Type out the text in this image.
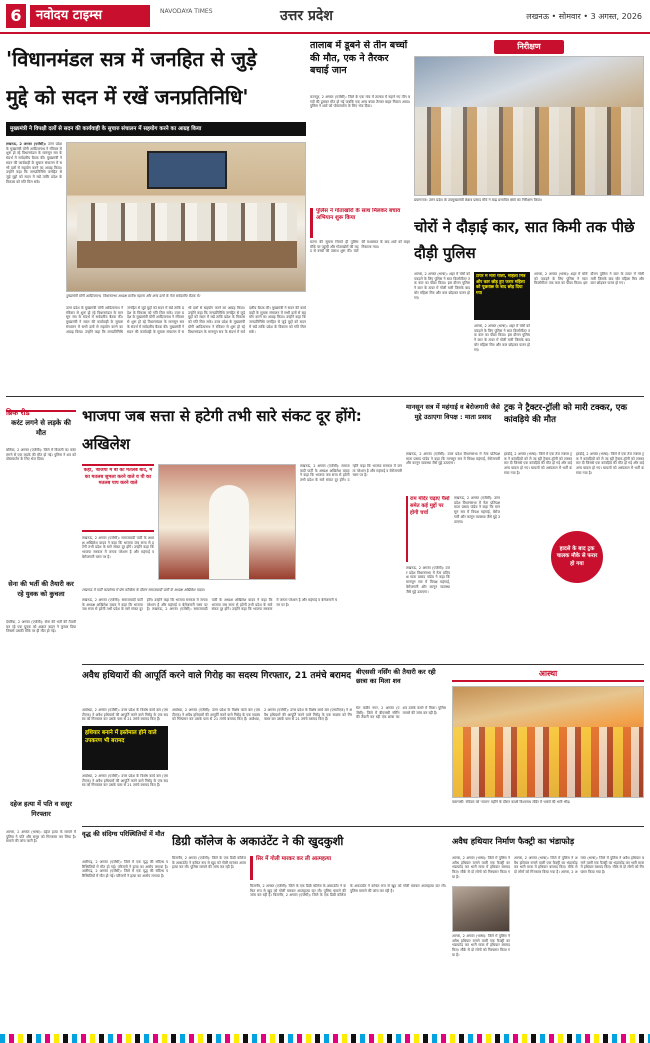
6	नवोदय टाइम्स	NAVODAYA TIMES	उत्तर प्रदेश	लखनऊ • सोमवार • 3 अगस्त, 2026
'विधानमंडल सत्र में जनहित से जुड़े
मुद्दे को सदन में रखें जनप्रतिनिधि'
मुख्यमंत्री ने विपक्षी दलों से सदन की कार्यवाही के सुचारु संचालन में सहयोग करने का आग्रह किया
लखनऊ, 2 अगस्त (एजेंसी): उत्तर प्रदेश के मुख्यमंत्री योगी आदित्यनाथ ने रविवार से शुरू हो रहे विधानमंडल के मानसून सत्र के संदर्भ में सर्वदलीय बैठक की। मुख्यमंत्री ने सदन की कार्यवाही के सुचारु संचालन में सभी दलों से सहयोग करने का आग्रह किया। उन्होंने कहा कि जनप्रतिनिधि जनहित से जुड़े मुद्दों को सदन में रखें ताकि प्रदेश के विकास को गति मिल सके।
मुख्यमंत्री योगी आदित्यनाथ, विधानसभा अध्यक्ष सतीश महाना और अन्य दलों के नेता सर्वदलीय बैठक में।
उत्तर प्रदेश के मुख्यमंत्री योगी आदित्यनाथ ने रविवार से शुरू हो रहे विधानमंडल के मानसून सत्र के संदर्भ में सर्वदलीय बैठक की। मुख्यमंत्री ने सदन की कार्यवाही के सुचारु संचालन में सभी दलों से सहयोग करने का आग्रह किया। उन्होंने कहा कि जनप्रतिनिधि जनहित से जुड़े मुद्दों को सदन में रखें ताकि प्रदेश के विकास को गति मिल सके। उत्तर प्रदेश के मुख्यमंत्री योगी आदित्यनाथ ने रविवार से शुरू हो रहे विधानमंडल के मानसून सत्र के संदर्भ में सर्वदलीय बैठक की। मुख्यमंत्री ने सदन की कार्यवाही के सुचारु संचालन में सभी दलों से सहयोग करने का आग्रह किया। उन्होंने कहा कि जनप्रतिनिधि जनहित से जुड़े मुद्दों को सदन में रखें ताकि प्रदेश के विकास को गति मिल सके। उत्तर प्रदेश के मुख्यमंत्री योगी आदित्यनाथ ने रविवार से शुरू हो रहे विधानमंडल के मानसून सत्र के संदर्भ में सर्वदलीय बैठक की। मुख्यमंत्री ने सदन की कार्यवाही के सुचारु संचालन में सभी दलों से सहयोग करने का आग्रह किया। उन्होंने कहा कि जनप्रतिनिधि जनहित से जुड़े मुद्दों को सदन में रखें ताकि प्रदेश के विकास को गति मिल सके।
तालाब में डूबने से तीन बच्चों की मौत, एक ने तैरकर बचाई जान
कानपुर, 2 अगस्त (एजेंसी): जिले के एक गांव में तालाब में नहाने गए तीन बच्चों की डूबकर मौत हो गई जबकि एक अन्य बच्चा तैरकर बाहर निकल आया। पुलिस ने शवों को पोस्टमार्टम के लिए भेज दिया।
पुलिस ने गोताखोरों के साथ मिलकर बचाव अभियान शुरू किया
घटना की सूचना मिलते ही पुलिस मौके पर पहुंची और गोताखोरों की मदद से बच्चों की तलाश शुरू की। घंटों की मशक्कत के बाद शवों को बाहर निकाला गया।
निरीक्षण
प्रयागराज: उत्तर प्रदेश के उपमुख्यमंत्री केशव प्रसाद मौर्य ने बाढ़ प्रभावित क्षेत्रों का निरीक्षण किया।
चोरों ने दौड़ाई कार, सात किमी तक पीछे दौड़ी पुलिस
आगरा, 2 अगस्त (भाषा): शहर में चोरों को पकड़ने के लिए पुलिस ने सात किलोमीटर तक कार का पीछा किया। इस दौरान पुलिस ने कार के टायर में गोली मारी जिसके बाद चोर महिला मित्र और कार छोड़कर फरार हो गए।
टायर में मारी गोली, महिला मित्र और कार छोड़ हुए फरार महिला को पूछताछ के बाद छोड़ दिया गया
आगरा, 2 अगस्त (भाषा): शहर में चोरों को पकड़ने के लिए पुलिस ने सात किलोमीटर तक कार का पीछा किया। इस दौरान पुलिस ने कार के टायर में गोली मारी जिसके बाद चोर महिला मित्र और कार छोड़कर फरार हो गए।
आगरा, 2 अगस्त (भाषा): शहर में चोरों को पकड़ने के लिए पुलिस ने सात किलोमीटर तक कार का पीछा किया। इस दौरान पुलिस ने कार के टायर में गोली मारी जिसके बाद चोर महिला मित्र और कार छोड़कर फरार हो गए।
ब्रिक रीड
करंट लगने से लड़के की मौत
बलिया, 2 अगस्त (एजेंसी): जिले में बिजली का करंट लगने से एक लड़के की मौत हो गई। पुलिस ने शव को पोस्टमार्टम के लिए भेज दिया।
सेना की भर्ती की तैयारी कर रहे युवक को कुचला
देवरिया, 2 अगस्त (एजेंसी): सेना की भर्ती की तैयारी कर रहे एक युवक को अज्ञात वाहन ने कुचल दिया जिससे उसकी मौके पर ही मौत हो गई।
दहेज हत्या में पति व ससुर गिरफ्तार
आगरा, 2 अगस्त (भाषा): दहेज हत्या के मामले में पुलिस ने पति और ससुर को गिरफ्तार कर लिया है। मामले की जांच जारी है।
भाजपा जब सत्ता से हटेगी तभी सारे संकट दूर होंगे: अखिलेश
कहा, 'बीजेपी में बी का मतलब बाद, में का मतलब जुमला करने वाले व पी का मतलब पाप करने वाले
लखनऊ, 2 अगस्त (एजेंसी): समाजवादी पार्टी के अध्यक्ष अखिलेश यादव ने कहा कि भाजपा जब सत्ता से हटेगी तभी प्रदेश के सारे संकट दूर होंगे। उन्होंने कहा कि भाजपा सरकार में जनता परेशान है और महंगाई व बेरोजगारी चरम पर है।
लखनऊ, 2 अगस्त (एजेंसी): समाजवादी पार्टी के अध्यक्ष अखिलेश यादव ने कहा कि भाजपा जब सत्ता से हटेगी तभी प्रदेश के सारे संकट दूर होंगे। उन्होंने कहा कि भाजपा सरकार में जनता परेशान है और महंगाई व बेरोजगारी चरम पर है।
लखनऊ में पार्टी कार्यालय में प्रेस कॉन्फ्रेंस के दौरान समाजवादी पार्टी के अध्यक्ष अखिलेश यादव।
लखनऊ, 2 अगस्त (एजेंसी): समाजवादी पार्टी के अध्यक्ष अखिलेश यादव ने कहा कि भाजपा जब सत्ता से हटेगी तभी प्रदेश के सारे संकट दूर होंगे। उन्होंने कहा कि भाजपा सरकार में जनता परेशान है और महंगाई व बेरोजगारी चरम पर है। लखनऊ, 2 अगस्त (एजेंसी): समाजवादी पार्टी के अध्यक्ष अखिलेश यादव ने कहा कि भाजपा जब सत्ता से हटेगी तभी प्रदेश के सारे संकट दूर होंगे। उन्होंने कहा कि भाजपा सरकार में जनता परेशान है और महंगाई व बेरोजगारी चरम पर है।
मानसून सत्र में महंगाई व बेरोजगारी जैसे मुद्दे उठाएगा विपक्ष : माता प्रसाद
लखनऊ, 2 अगस्त (एजेंसी): उत्तर प्रदेश विधानसभा में नेता प्रतिपक्ष माता प्रसाद पांडेय ने कहा कि मानसून सत्र में विपक्ष महंगाई, बेरोजगारी और कानून व्यवस्था जैसे मुद्दे उठाएगा।
राम मंदिर चढ़ाए पैसों समेत कई मुद्दों पर होगी चर्चा
लखनऊ, 2 अगस्त (एजेंसी): उत्तर प्रदेश विधानसभा में नेता प्रतिपक्ष माता प्रसाद पांडेय ने कहा कि मानसून सत्र में विपक्ष महंगाई, बेरोजगारी और कानून व्यवस्था जैसे मुद्दे उठाएगा।
लखनऊ, 2 अगस्त (एजेंसी): उत्तर प्रदेश विधानसभा में नेता प्रतिपक्ष माता प्रसाद पांडेय ने कहा कि मानसून सत्र में विपक्ष महंगाई, बेरोजगारी और कानून व्यवस्था जैसे मुद्दे उठाएगा।
ट्रक ने ट्रैक्टर-ट्रॉली को मारी टक्कर, एक कांवड़िये की मौत
हरदोई, 2 अगस्त (भाषा): जिले में एक तेज रफ्तार ट्रक ने कांवड़ियों को ले जा रही ट्रैक्टर-ट्रॉली को टक्कर मार दी जिससे एक कांवड़िये की मौत हो गई और कई अन्य घायल हो गए। घायलों को अस्पताल में भर्ती कराया गया है।
हरदोई, 2 अगस्त (भाषा): जिले में एक तेज रफ्तार ट्रक ने कांवड़ियों को ले जा रही ट्रैक्टर-ट्रॉली को टक्कर मार दी जिससे एक कांवड़िये की मौत हो गई और कई अन्य घायल हो गए। घायलों को अस्पताल में भर्ती कराया गया है।
हादसे के बाद ट्रक चालक मौके से फरार हो गया
अवैध हथियारों की आपूर्ति करने वाले गिरोह का सदस्य गिरफ्तार, 21 तमंचे बरामद
अयोध्या, 2 अगस्त (एजेंसी): उत्तर प्रदेश के विशेष कार्य बल (एसटीएफ) ने अवैध हथियारों की आपूर्ति करने वाले गिरोह के एक सदस्य को गिरफ्तार कर उसके पास से 21 तमंचे बरामद किए हैं।
हथियार बनाने में इस्तेमाल होने वाले उपकरण भी बरामद
अयोध्या, 2 अगस्त (एजेंसी): उत्तर प्रदेश के विशेष कार्य बल (एसटीएफ) ने अवैध हथियारों की आपूर्ति करने वाले गिरोह के एक सदस्य को गिरफ्तार कर उसके पास से 21 तमंचे बरामद किए हैं।
अयोध्या, 2 अगस्त (एजेंसी): उत्तर प्रदेश के विशेष कार्य बल (एसटीएफ) ने अवैध हथियारों की आपूर्ति करने वाले गिरोह के एक सदस्य को गिरफ्तार कर उसके पास से 21 तमंचे बरामद किए हैं। अयोध्या, 2 अगस्त (एजेंसी): उत्तर प्रदेश के विशेष कार्य बल (एसटीएफ) ने अवैध हथियारों की आपूर्ति करने वाले गिरोह के एक सदस्य को गिरफ्तार कर उसके पास से 21 तमंचे बरामद किए हैं।
बीएससी नर्सिंग की तैयारी कर रही छात्रा का मिला शव
संत कबीर नगर, 2 अगस्त (एजेंसी): जिले में बीएससी नर्सिंग की तैयारी कर रही एक छात्रा का शव उसके कमरे में मिला। पुलिस मामले की जांच कर रही है।
आस्था
वाराणसी: रविवार को 'सावन' महीने के दौरान काशी विश्वनाथ मंदिर में भक्तों की भारी भीड़।
वृद्ध की संदिग्ध परिस्थितियों में मौत
अलीगढ़, 2 अगस्त (एजेंसी): जिले में एक वृद्ध की संदिग्ध परिस्थितियों में मौत हो गई। परिजनों ने हत्या का आरोप लगाया है। अलीगढ़, 2 अगस्त (एजेंसी): जिले में एक वृद्ध की संदिग्ध परिस्थितियों में मौत हो गई। परिजनों ने हत्या का आरोप लगाया है।
डिग्री कॉलेज के अकाउंटेंट ने की खुदकुशी
बिजनौर, 2 अगस्त (एजेंसी): जिले के एक डिग्री कॉलेज के अकाउंटेंट ने कथित रूप से खुद को गोली मारकर आत्महत्या कर ली। पुलिस मामले की जांच कर रही है।
सिर में गोली मारकर कर ली आत्महत्या
बिजनौर, 2 अगस्त (एजेंसी): जिले के एक डिग्री कॉलेज के अकाउंटेंट ने कथित रूप से खुद को गोली मारकर आत्महत्या कर ली। पुलिस मामले की जांच कर रही है। बिजनौर, 2 अगस्त (एजेंसी): जिले के एक डिग्री कॉलेज के अकाउंटेंट ने कथित रूप से खुद को गोली मारकर आत्महत्या कर ली। पुलिस मामले की जांच कर रही है।
अवैध हथियार निर्माण फैक्ट्री का भंडाफोड़
आगरा, 2 अगस्त (भाषा): जिले में पुलिस ने अवैध हथियार बनाने वाली एक फैक्ट्री का भंडाफोड़ कर भारी मात्रा में हथियार बरामद किए। मौके से दो लोगों को गिरफ्तार किया गया है।
आगरा, 2 अगस्त (भाषा): जिले में पुलिस ने अवैध हथियार बनाने वाली एक फैक्ट्री का भंडाफोड़ कर भारी मात्रा में हथियार बरामद किए। मौके से दो लोगों को गिरफ्तार किया गया है।
आगरा, 2 अगस्त (भाषा): जिले में पुलिस ने अवैध हथियार बनाने वाली एक फैक्ट्री का भंडाफोड़ कर भारी मात्रा में हथियार बरामद किए। मौके से दो लोगों को गिरफ्तार किया गया है। आगरा, 2 अगस्त (भाषा): जिले में पुलिस ने अवैध हथियार बनाने वाली एक फैक्ट्री का भंडाफोड़ कर भारी मात्रा में हथियार बरामद किए। मौके से दो लोगों को गिरफ्तार किया गया है।
